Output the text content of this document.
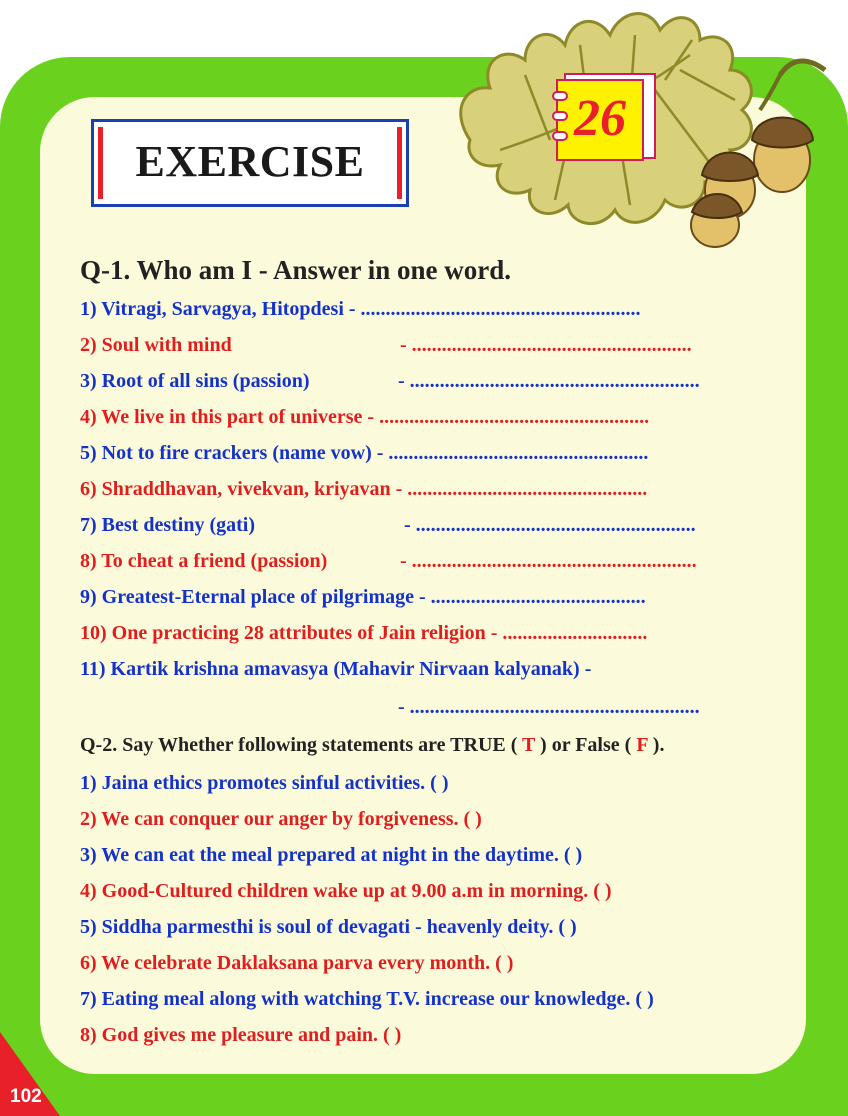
26
EXERCISE
Q-1. Who am I - Answer in one word.
1) Vitragi, Sarvagya, Hitopdesi - ........................................................
2) Soul with mind	- ........................................................
3) Root of all sins (passion)	- ..........................................................
4) We live in this part of universe - ......................................................
5) Not to fire crackers (name vow) - ....................................................
6) Shraddhavan, vivekvan, kriyavan - ................................................
7) Best destiny (gati)	- ........................................................
8) To cheat a friend (passion)	- .........................................................
9) Greatest-Eternal place of pilgrimage - ...........................................
10) One practicing 28 attributes of Jain religion - .............................
11) Kartik krishna amavasya (Mahavir Nirvaan kalyanak) -
- ..........................................................
Q-2. Say Whether following statements are TRUE ( T ) or False ( F ).
1) Jaina ethics promotes sinful activities. ( )
2) We can conquer our anger by forgiveness. ( )
3) We can eat the meal prepared at night in the daytime. ( )
4) Good-Cultured children wake up at 9.00 a.m in morning. ( )
5) Siddha parmesthi is soul of devagati - heavenly deity. ( )
6) We celebrate Daklaksana parva every month. ( )
7) Eating meal along with watching T.V. increase our knowledge. ( )
8) God gives me pleasure and pain. ( )
102
